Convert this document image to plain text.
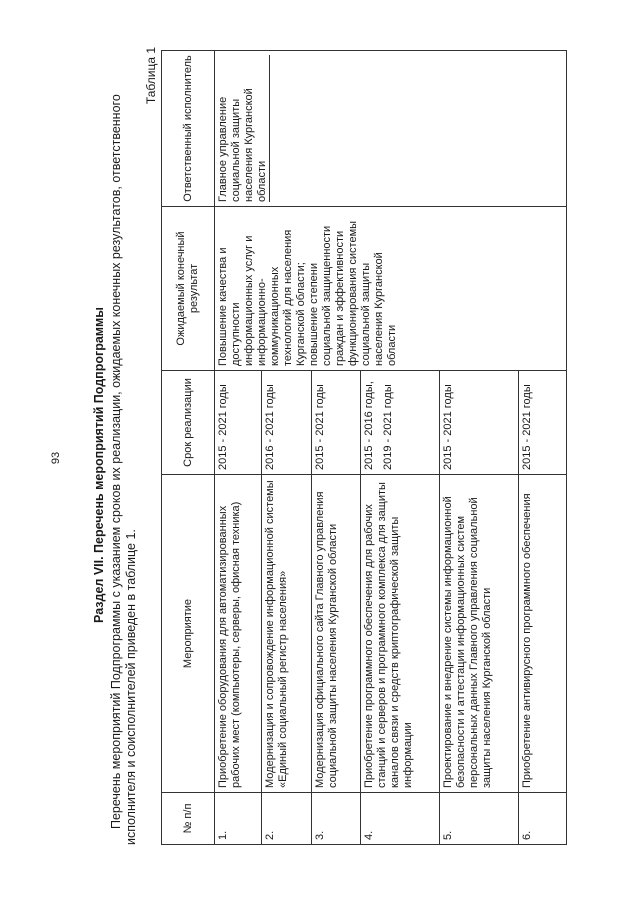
93 Раздел VII. Перечень мероприятий Подпрограммы Перечень мероприятий Подпрограммы с указанием сроков их реализации, ожидаемых конечных результатов, ответственного исполнителя и соисполнителей приведен в таблице 1.
Таблица 1
№ п/п	Мероприятие	Срок реализации	Ожидаемый конечный результат	Ответственный исполнитель
1.	Приобретение оборудования для автоматизированных рабочих мест (компьютеры, серверы, офисная техника)	2015 - 2021 годы	Повышение качества и доступности информационных услуг и информационно-коммуникационных технологий для населения Курганской области; повышение степени социальной защищенности граждан и эффективности функционирования системы социальной защиты населения Курганской области	Главное управление социальной защиты населения Курганской области

2.	Модернизация и сопровождение информационной системы «Единый социальный регистр населения»	2016 - 2021 годы		
3.	Модернизация официального сайта Главного управления социальной защиты населения Курганской области	2015 - 2021 годы		
4.	Приобретение программного обеспечения для рабочих станций и серверов и программного комплекса для защиты каналов связи и средств криптографической защиты информации	2015 - 2016 годы, 2019 - 2021 годы		

5.	Проектирование и внедрение системы информационной безопасности и аттестации информационных систем персональных данных Главного управления социальной защиты населения Курганской области	2015 - 2021 годы		
6.	Приобретение антивирусного программного обеспечения	2015 - 2021 годы		
